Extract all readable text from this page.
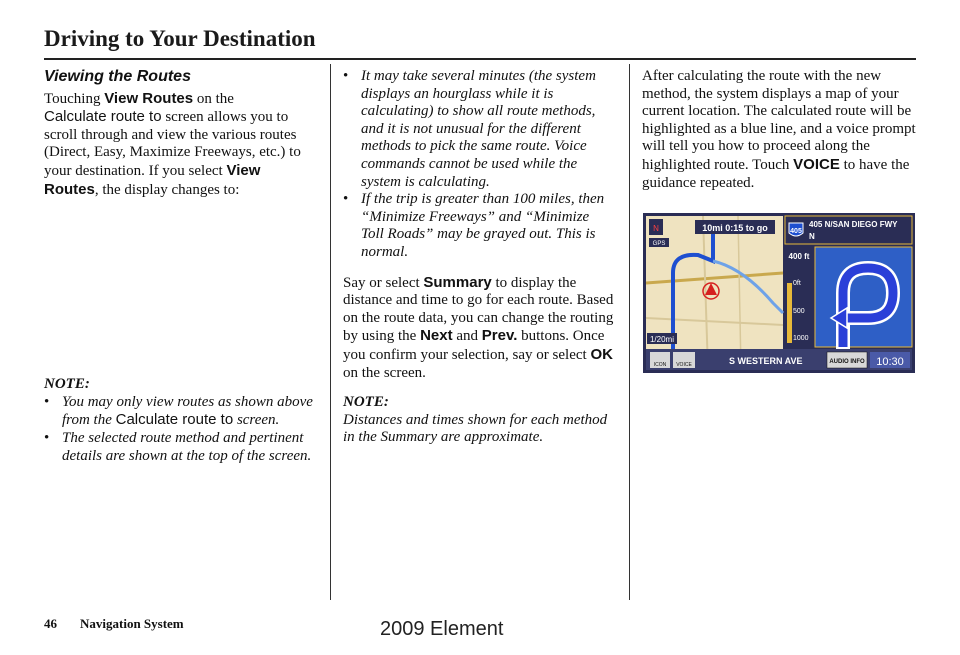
Driving to Your Destination
Viewing the Routes

Touching View Routes on the
Calculate route to screen allows you to scroll through and view the various routes (Direct, Easy, Maximize Freeways, etc.) to your destination. If you select View Routes, the display changes to:

NOTE:

• You may only view routes as shown above from the Calculate route to screen.
• The selected route method and pertinent details are shown at the top of the screen.
• It may take several minutes (the system displays an hourglass while it is calculating) to show all route methods, and it is not unusual for the different methods to pick the same route. Voice commands cannot be used while the system is calculating.
• If the trip is greater than 100 miles, then “Minimize Freeways” and “Minimize Toll Roads” may be grayed out. This is normal.

Say or select Summary to display the distance and time to go for each route. Based on the route data, you can change the routing by using the Next and Prev. buttons. Once you confirm your selection, say or select OK on the screen.

NOTE:

Distances and times shown for each method in the Summary are approximate.

After calculating the route with the new method, the system displays a map of your current location. The calculated route will be highlighted as a blue line, and a voice prompt will tell you how to proceed along the highlighted route. Touch VOICE to have the guidance repeated.

N
GPS
10mi 0:15 to go
1/20mi
405
405 N/SAN DIEGO FWY
N
400 ft
0ft
500
1000
ICON VOICE	S WESTERN AVE	AUDIO INFO 10:30
46 Navigation System	2009 Element
